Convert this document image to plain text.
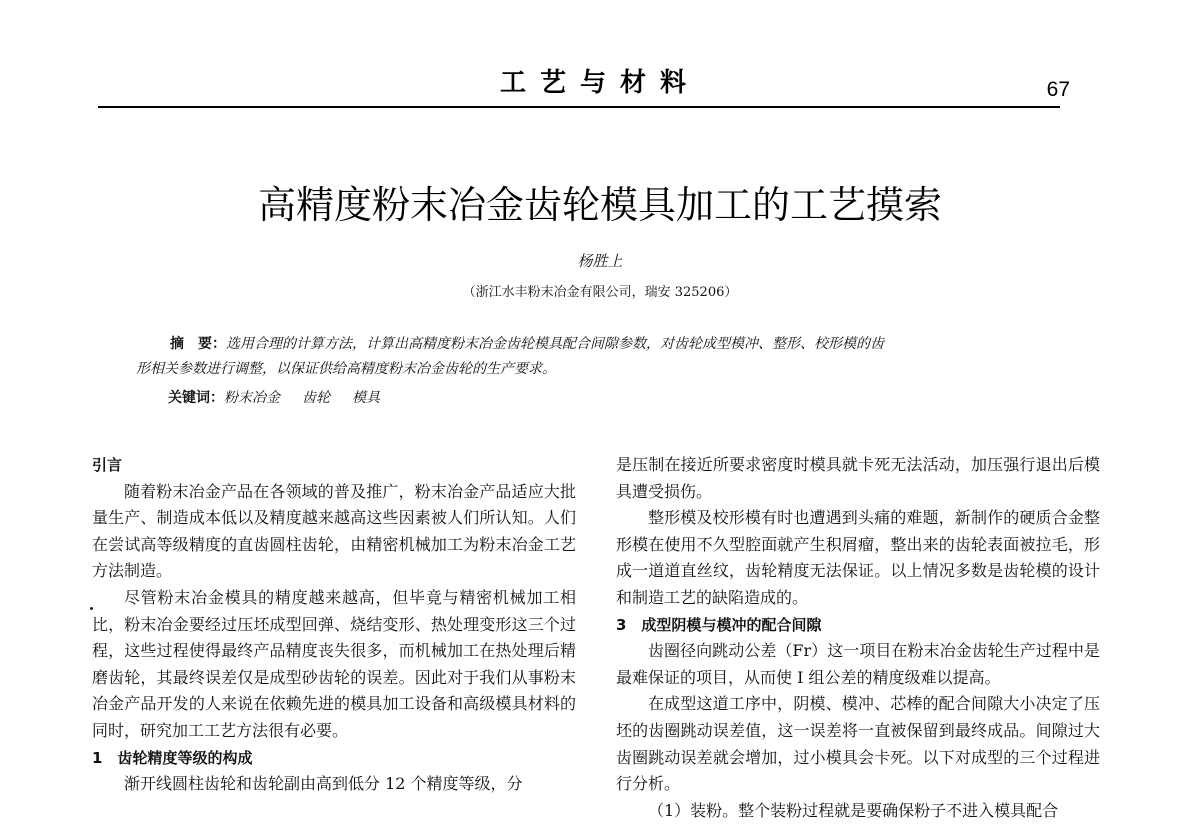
工艺与材料	67
高精度粉末冶金齿轮模具加工的工艺摸索
杨胜上
（浙江水丰粉末冶金有限公司，瑞安 325206）
摘　要：选用合理的计算方法，计算出高精度粉末冶金齿轮模具配合间隙参数，对齿轮成型模冲、整形、校形模的齿
形相关参数进行调整，以保证供给高精度粉末冶金齿轮的生产要求。
关键词：粉末冶金 齿轮 模具
引言

随着粉末冶金产品在各领域的普及推广，粉末冶金产品适应大批量生产、制造成本低以及精度越来越高这些因素被人们所认知。人们在尝试高等级精度的直齿圆柱齿轮，由精密机械加工为粉末冶金工艺方法制造。

尽管粉末冶金模具的精度越来越高，但毕竟与精密机械加工相比，粉末冶金要经过压坯成型回弹、烧结变形、热处理变形这三个过程，这些过程使得最终产品精度丧失很多，而机械加工在热处理后精磨齿轮，其最终误差仅是成型砂齿轮的误差。因此对于我们从事粉末冶金产品开发的人来说在依赖先进的模具加工设备和高级模具材料的同时，研究加工工艺方法很有必要。

1　齿轮精度等级的构成

渐开线圆柱齿轮和齿轮副由高到低分 12 个精度等级，分

是压制在接近所要求密度时模具就卡死无法活动，加压强行退出后模具遭受损伤。

整形模及校形模有时也遭遇到头痛的难题，新制作的硬质合金整形模在使用不久型腔面就产生积屑瘤，整出来的齿轮表面被拉毛，形成一道道直丝纹，齿轮精度无法保证。以上情况多数是齿轮模的设计和制造工艺的缺陷造成的。

3　成型阴模与模冲的配合间隙

齿圈径向跳动公差（Fr）这一项目在粉末冶金齿轮生产过程中是最难保证的项目，从而使 I 组公差的精度级难以提高。

在成型这道工序中，阴模、模冲、芯棒的配合间隙大小决定了压坯的齿圈跳动误差值，这一误差将一直被保留到最终成品。间隙过大齿圈跳动误差就会增加，过小模具会卡死。以下对成型的三个过程进行分析。

（1）装粉。整个装粉过程就是要确保粉子不进入模具配合
